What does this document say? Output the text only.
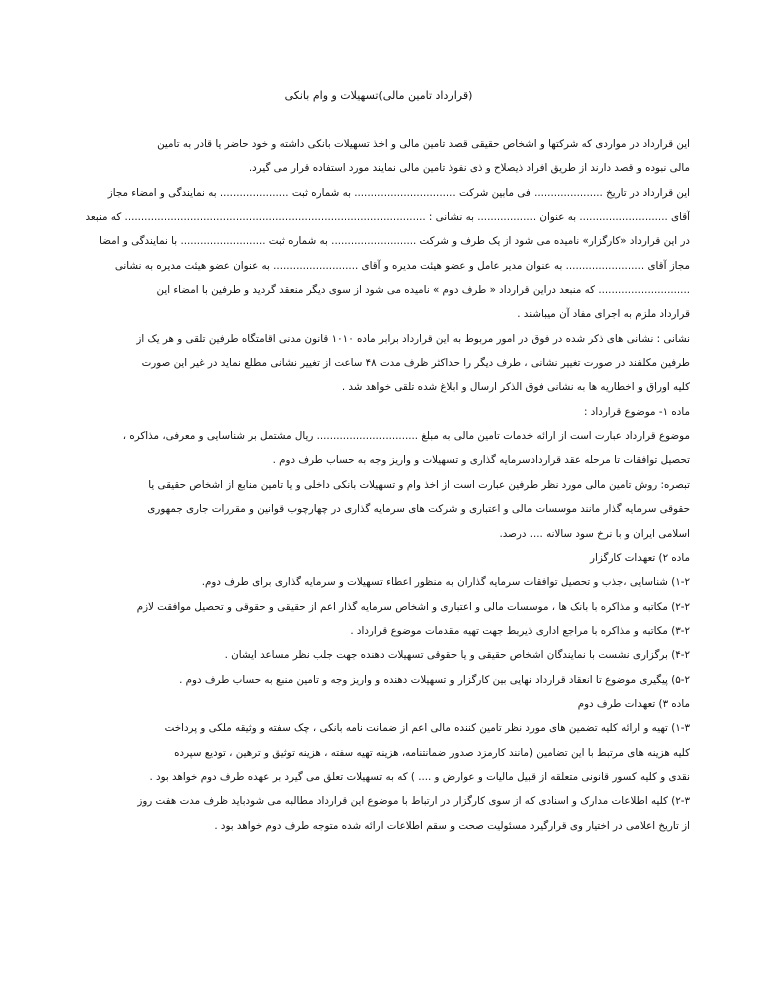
(قرارداد تامین مالی)تسهیلات و وام بانکی
این قرارداد در مواردی که شرکتها و اشخاص حقیقی قصد تامین مالی و اخذ تسهیلات بانکی داشته و خود حاضر یا قادر به تامین
مالی نبوده و قصد دارند از طریق افراد ذیصلاح و ذی نفوذ تامین مالی نمایند مورد استفاده قرار می گیرد.
این قرارداد در تاریخ ..................... فی مابین شرکت ............................... به شماره ثبت ..................... به نمایندگی و امضاء مجاز
آقای ........................... به عنوان .................. به نشانی : ............................................................................................ که منبعد
در این قرارداد «کارگزار» نامیده می شود از یک طرف و شرکت .......................... به شماره ثبت .......................... با نمایندگی و امضا
مجاز آقای ........................ به عنوان مدیر عامل و عضو هیئت مدیره و آقای .......................... به عنوان عضو هیئت مدیره به نشانی
............................ که منبعد دراین قرارداد « طرف دوم » نامیده می شود از سوی دیگر منعقد گردید و طرفین با امضاء این
قرارداد ملزم به اجرای مفاد آن میباشند .
نشانی : نشانی های ذکر شده در فوق در امور مربوط به این قرارداد برابر ماده ۱۰۱۰ قانون مدنی اقامتگاه طرفین تلقی و هر یک از
طرفین مکلفند در صورت تغییر نشانی ، طرف دیگر را حداکثر ظرف مدت ۴۸ ساعت از تغییر نشانی مطلع نماید در غیر این صورت
کلیه اوراق و اخطاریه ها به نشانی فوق الذکر ارسال و ابلاغ شده تلقی خواهد شد .
ماده ۱- موضوع قرارداد :
موضوع قرارداد عبارت است از ارائه خدمات تامین مالی به مبلغ ............................... ریال مشتمل بر شناسایی و معرفی، مذاکره ،
تحصیل توافقات تا مرحله عقد قراردادسرمایه گذاری و تسهیلات و واریز وجه به حساب طرف دوم .
تبصره: روش تامین مالی مورد نظر طرفین عبارت است از اخذ وام و تسهیلات بانکی داخلی و یا تامین منابع از اشخاص حقیقی یا
حقوقی سرمایه گذار مانند موسسات مالی و اعتباری و شرکت های سرمایه گذاری در چهارچوب قوانین و مقررات جاری جمهوری
اسلامی ایران و با نرخ سود سالانه .... درصد.
ماده ۲) تعهدات کارگزار
۱-۲) شناسایی ،جذب و تحصیل توافقات سرمایه گذاران به منظور اعطاء تسهیلات و سرمایه گذاری برای طرف دوم.
۲-۲) مکاتبه و مذاکره با بانک ها ، موسسات مالی و اعتباری و اشخاص سرمایه گذار اعم از حقیقی و حقوقی و تحصیل موافقت لازم
۳-۲) مکاتبه و مذاکره با مراجع اداری ذیربط جهت تهیه مقدمات موضوع قرارداد .
۴-۲) برگزاری نشست با نمایندگان اشخاص حقیقی و یا حقوقی تسهیلات دهنده جهت جلب نظر مساعد ایشان .
۵-۲) پیگیری موضوع تا انعقاد قرارداد نهایی بین کارگزار و تسهیلات دهنده و واریز وجه و تامین منبع به حساب طرف دوم .
ماده ۳) تعهدات طرف دوم
۱-۳) تهیه و ارائه کلیه تضمین های مورد نظر تامین کننده مالی اعم از ضمانت نامه بانکی ، چک سفته و وثیقه ملکی و پرداخت
کلیه هزینه های مرتبط با این تضامین (مانند کارمزد صدور ضمانتنامه، هزینه تهیه سفته ، هزینه توثیق و ترهین ، تودیع سپرده
نقدی و کلیه کسور قانونی متعلقه از قبیل مالیات و عوارض و .... ) که به تسهیلات تعلق می گیرد بر عهده طرف دوم خواهد بود .
۲-۳) کلیه اطلاعات مدارک و اسنادی که از سوی کارگزار در ارتباط با موضوع این قرارداد مطالبه می شودباید ظرف مدت هفت روز
از تاریخ اعلامی در اختیار وی قرارگیرد مسئولیت صحت و سقم اطلاعات ارائه شده متوجه طرف دوم خواهد بود .
